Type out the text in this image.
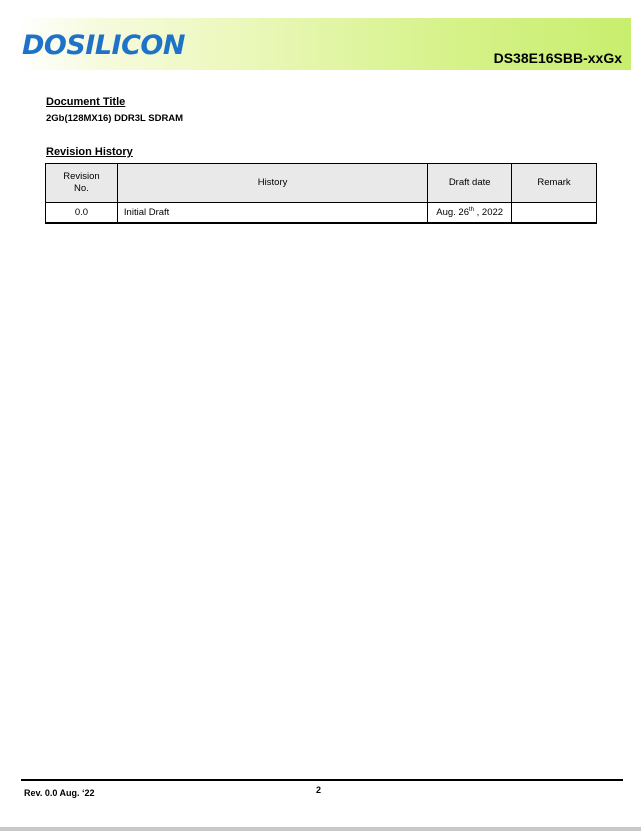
DOSILICON	DS38E16SBB-xxGx
Document Title
2Gb(128MX16) DDR3L SDRAM
Revision History
Revision
No.	History	Draft date	Remark
0.0	Initial Draft	Aug. 26th , 2022	
Rev. 0.0 Aug. ‘22	2
